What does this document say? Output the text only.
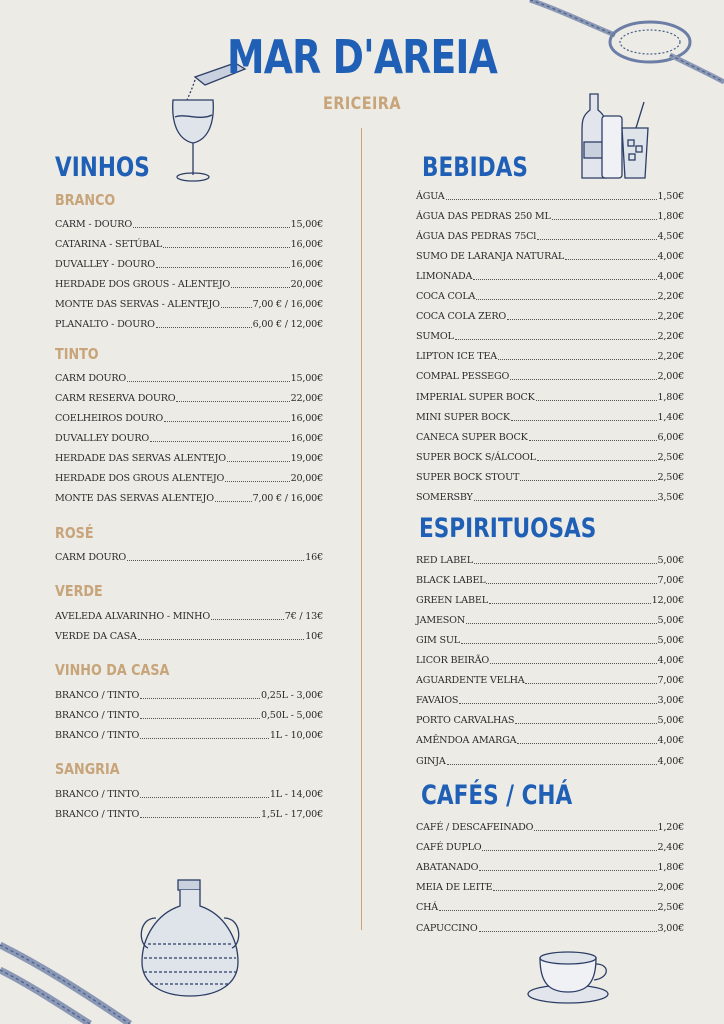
MAR D'AREIA
ERICEIRA
VINHOS
BRANCO
CARM - DOURO	15,00€
CATARINA - SETÚBAL	16,00€
DUVALLEY - DOURO	16,00€
HERDADE DOS GROUS - ALENTEJO	20,00€
MONTE DAS SERVAS - ALENTEJO	7,00 € / 16,00€
PLANALTO - DOURO	6,00 € / 12,00€
TINTO
CARM DOURO	15,00€
CARM RESERVA DOURO	22,00€
COELHEIROS DOURO	16,00€
DUVALLEY DOURO	16,00€
HERDADE DAS SERVAS ALENTEJO	19,00€
HERDADE DOS GROUS ALENTEJO	20,00€
MONTE DAS SERVAS ALENTEJO	7,00 € / 16,00€
ROSÉ
CARM DOURO	16€
VERDE
AVELEDA ALVARINHO - MINHO	7€ / 13€
VERDE DA CASA	10€
VINHO DA CASA
BRANCO / TINTO	0,25L - 3,00€
BRANCO / TINTO	0,50L - 5,00€
BRANCO / TINTO	1L - 10,00€
SANGRIA
BRANCO / TINTO	1L - 14,00€
BRANCO / TINTO	1,5L - 17,00€
BEBIDAS
ÁGUA	1,50€
ÁGUA DAS PEDRAS 250 ML	1,80€
ÁGUA DAS PEDRAS 75Cl	4,50€
SUMO DE LARANJA NATURAL	4,00€
LIMONADA	4,00€
COCA COLA	2,20€
COCA COLA ZERO	2,20€
SUMOL	2,20€
LIPTON ICE TEA	2,20€
COMPAL PESSEGO	2,00€
IMPERIAL SUPER BOCK	1,80€
MINI SUPER BOCK	1,40€
CANECA SUPER BOCK	6,00€
SUPER BOCK S/ÁLCOOL	2,50€
SUPER BOCK STOUT	2,50€
SOMERSBY	3,50€
ESPIRITUOSAS
RED LABEL	5,00€
BLACK LABEL	7,00€
GREEN LABEL	12,00€
JAMESON	5,00€
GIM SUL	5,00€
LICOR BEIRÃO	4,00€
AGUARDENTE VELHA	7,00€
FAVAIOS	3,00€
PORTO CARVALHAS	5,00€
AMÊNDOA AMARGA	4,00€
GINJA	4,00€
CAFÉS / CHÁ
CAFÉ / DESCAFEINADO	1,20€
CAFÉ DUPLO	2,40€
ABATANADO	1,80€
MEIA DE LEITE	2,00€
CHÁ	2,50€
CAPUCCINO	3,00€
